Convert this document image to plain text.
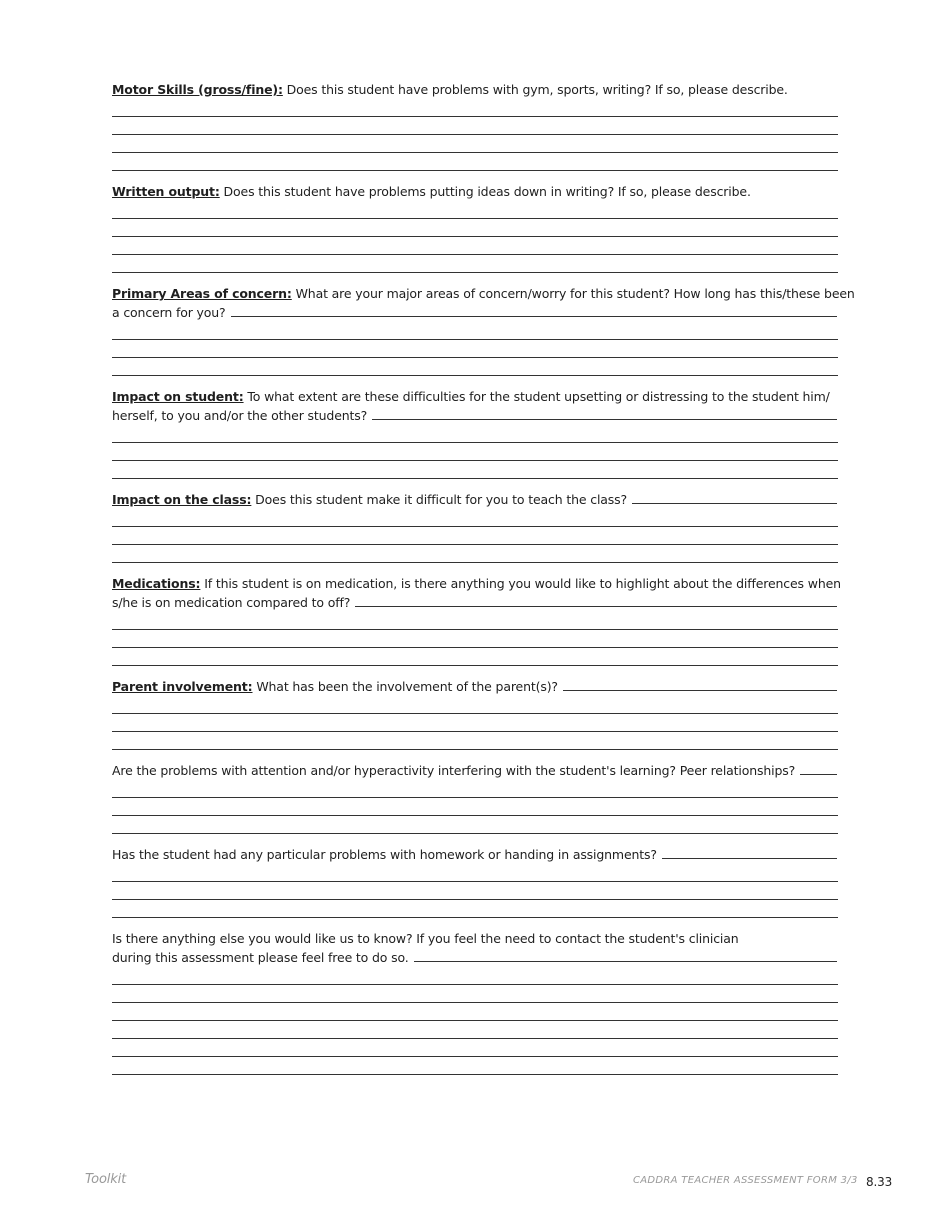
Motor Skills (gross/fine): Does this student have problems with gym, sports, writing? If so, please describe.
Written output: Does this student have problems putting ideas down in writing? If so, please describe.
Primary Areas of concern: What are your major areas of concern/worry for this student? How long has this/these been
a concern for you?
Impact on student: To what extent are these difficulties for the student upsetting or distressing to the student him/
herself, to you and/or the other students?
Impact on the class: Does this student make it difficult for you to teach the class?
Medications: If this student is on medication, is there anything you would like to highlight about the differences when
s/he is on medication compared to off?
Parent involvement: What has been the involvement of the parent(s)?
Are the problems with attention and/or hyperactivity interfering with the student's learning? Peer relationships?
Has the student had any particular problems with homework or handing in assignments?
Is there anything else you would like us to know? If you feel the need to contact the student's clinician
during this assessment please feel free to do so.
Toolkit	CADDRA TEACHER ASSESSMENT FORM 3/3 8.33
